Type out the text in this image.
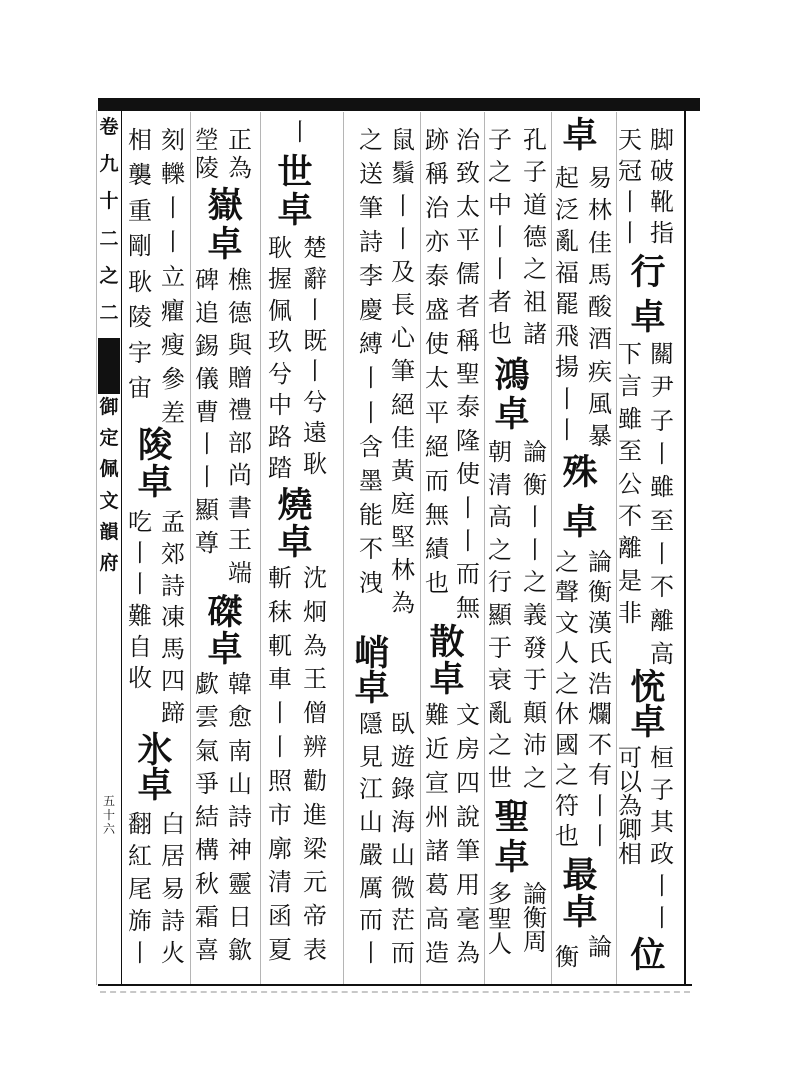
卷
九
十
二
之
二
御
定
佩
文
韻
府
五
十
六
脚
破
靴
指
天
冠
丨
丨
行
卓
關
尹
子
丨
雖
至
丨
不
離
高
下
言
雖
至
公
不
離
是
非
㤝
卓
桓
子
其
政
丨
丨
可
以
為
卿
相
位
卓
易
林
佳
馬
酸
酒
疾
風
暴
起
泛
亂
福
罷
飛
揚
丨
丨
殊
卓
論
衡
漢
氏
浩
爛
不
有
丨
丨
之
聲
文
人
之
休
國
之
符
也
最
卓
論
衡
孔
子
道
德
之
祖
諸
子
之
中
丨
丨
者
也
鴻
卓
論
衡
丨
丨
之
義
發
于
顛
沛
之
朝
清
高
之
行
顯
于
衰
亂
之
世
聖
卓
論
衡
周
多
聖
人
治
致
太
平
儒
者
稱
聖
泰
隆
使
丨
丨
而
無
跡
稱
治
亦
泰
盛
使
太
平
絕
而
無
績
也
散
卓
文
房
四
說
筆
用
毫
為
難
近
宣
州
諸
葛
高
造
鼠
鬚
丨
丨
及
長
心
筆
絕
佳
黃
庭
堅
林
為
之
送
筆
詩
李
慶
縛
丨
丨
含
墨
能
不
洩
峭
卓
臥
遊
錄
海
山
微
茫
而
隱
見
江
山
嚴
厲
而
丨
丨
世
卓
楚
辭
丨
既
丨
兮
遠
耿
耿
握
佩
玖
兮
中
路
踏
燒
卓
沈
炯
為
王
僧
辨
勸
進
梁
元
帝
表
斬
秣
軏
車
丨
丨
照
市
廓
清
函
夏
正
為
塋
陵
嶽
卓
樵
德
與
贈
禮
部
尚
書
王
端
碑
追
錫
儀
曹
丨
丨
顯
尊
磔
卓
韓
愈
南
山
詩
神
靈
日
歙
歔
雲
氣
爭
結
構
秋
霜
喜
刻
轢
丨
丨
立
癯
瘦
參
差
相
襲
重
剛
耿
陵
宇
宙
陖
卓
孟
郊
詩
凍
馬
四
蹄
吃
丨
丨
難
自
收
氷
卓
白
居
易
詩
火
翻
紅
尾
旆
丨
